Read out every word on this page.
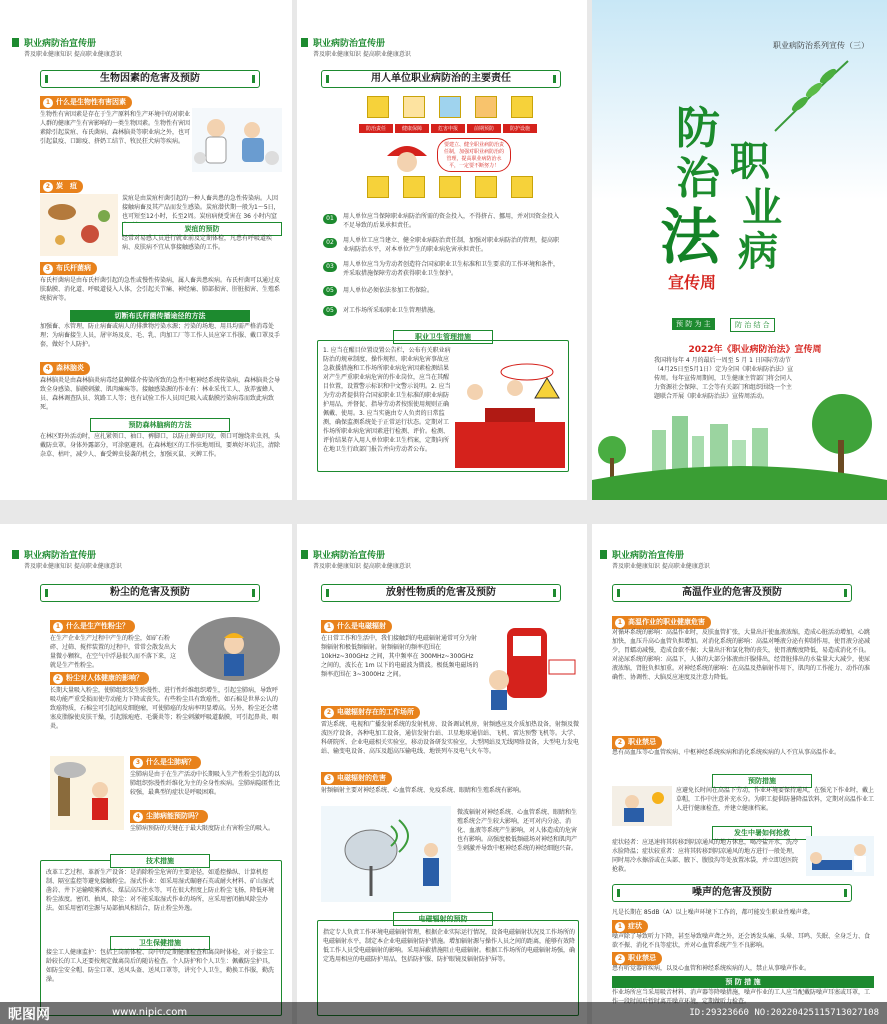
职业病防治宣传册
普及职业健康知识 提高职业健康意识
生物因素的危害及预防
1 什么是生物性有害因素
生物性有害因素是存在于生产原料和生产环境中的对职业人群的健康产生有害影响的一类生物因素。生物性有害因素除引起炭疽、布氏菌病、森林脑炎等职业病之外，也可引起鼠疫、口蹄疫、挤奶工结节、牧民狂犬病等疾病。
2 炭　疽
炭疽是由炭疽杆菌引起的一种人畜共患的急性传染病。人因接触病畜及其产品而发生感染。炭疽潜伏期一般为1～5日，也可短至12小时，长至2周。炭疽病便受害在 36 小时内窒
炭疽的预防
经常对易感人员进行就业前及定期体检，凡患有呼吸道疾病、皮肤病不宜从事接触感染的工作。
3 布氏杆菌病
布氏杆菌病是由布氏杆菌引起的急性或慢性传染病，属人畜共患疾病。布氏杆菌可以通过皮肤黏膜、消化道、呼吸道侵入人体，会引起关节痛、神经痛、肺部损害、肝脏损害、生殖系统损害等。
切断布氏杆菌传播途径的方法
加强畜、水管理，防止病畜或病人的排泄物污染水源；污染的场地、用具均需严格消毒处理；为病畜接生人员，屠宰场及皮、毛、乳、肉加工厂等工作人员应穿工作服、戴口罩及手套，做好个人防护。
4 森林脑炎
森林脑炎是由森林脑炎病毒经鼠蜱媒介传染所致的急性中枢神经系统传染病，森林脑炎会导致全身感染、脑膜刺激、肌肉瘫痪等。接触感染源的作业有：林业采伐工人、放养蜜蜂人员、森林调查队员、筑路工人等；也有试验工作人员因已吸入或黏膜污染病毒而致此病致死。
预防森林脑病的方法
在林区野外活动时，应扎紧领口、袖口、裤脚口，以防止蜱虫叮咬，领口可缠绕赤虫剂，头戴防虫罩。身体外露部分，可涂驱避剂。在森林地区的工作驻地周围，要填好坏坑洼，清除杂草、枯叶，减少人、畜受蜱虫侵袭的机会，加强灭鼠、灭蜱工作。
职业病防治宣传册
普及职业健康知识 提高职业健康意识
用人单位职业病防治的主要责任
防治责任	健康保障	危害申报	前期预防	防护设施
要建立、健全职业病防治责任制，加强对职业病防治的管理，提高职业病防治水平，一定要不断努力！
01	用人单位应当保障职业病防治所需的资金投入，不得挤占、挪用，并对因资金投入不足导致的后果承担责任。
02	用人单位工应当建立、健全职业病防治责任制，加强对职业病防治的管理，提高职业病防治水平，对本单位产生的职业病危害承担责任。
03	用人单位应当为劳动者创造符合国家职业卫生标准和卫生要求的工作环境和条件，并采取措施保障劳动者获得职业卫生保护。
05	用人单位必须依法参加工伤保险。
05	对工作场所采取职业卫生管理措施。
职业卫生管理措施
1. 应当在醒目位置设置公告栏，公布有关职业病防治的规章制度、操作规程、职业病危害事故应急救援措施和工作场所职业病危害因素检测结果对产生严重职业病危害的作业岗位，应当在其醒目位置，设置警示标识和中文警示说明。2. 应当为劳动者提供符合国家职业卫生标准的职业病防护用品，并督促、指导劳动者按照使用规则正确佩戴、使用。3. 应当实施由专人负责的日常监测，确保监测系统处于正常运行状态。定期对工作场所职业病危害因素进行检测、评价。检测、评价结果存入用人单位职业卫生档案，定期向所在地卫生行政部门报告并向劳动者公布。
职业病防治系列宣传（三）
防
治
法
职
业
病
宣传周
预 防 为 主	防 治 结 合
2022年《职业病防治法》宣传周
我国将每年 4 月的最后一周至 5 月 1 日国际劳动节（4月25日至5月1日）定为全国《职业病防治法》宣传周。每年宣传周期间，卫生健康主管部门将会同人力资源社会保障、工会等有关部门和组织围绕一个主题联合开展《职业病防治法》宣传周活动。
职业病防治宣传册
普及职业健康知识 提高职业健康意识
粉尘的危害及预防
1 什么是生产性粉尘？
在生产企业生产过程中产生的粉尘，如矿石粉碎、过筛、搅拌装置的过程中，常常会散发出大量微小颗粒，在空气中浮悬很久而不落下来，这就是生产性粉尘。
2 粉尘对人体健康的影响？
长期大量吸入粉尘，使肺组织发生弥漫性、进行性纤维组织增生，引起尘肺病，导致呼吸功能严重受损而使劳动能力下降或丧失。有些粉尘具有致癌性，如石棉是世界公认的致癌物质，石棉尘可引起间皮细胞瘤，可使肺癌的发病率明显增高。另外，粉尘还会堵塞皮脂腺使皮肤干燥，引起脓疱疮、毛囊炎等；粉尘刺激呼吸道黏膜，可引起鼻炎、咽炎。
3 什么是尘肺病？
尘肺病是由于在生产活动中长期吸入生产性粉尘引起的以肺组织弥漫性纤维化为主的全身性疾病。尘肺病隐匿性比较强，最典型的症状是呼吸困难。
4 尘肺病能预防吗？
尘肺病预防的关键在于最大限度防止有害粉尘的吸入。
技术措施
改革工艺过程、革新生产设备：是消除粉尘危害的主要途径，如遥控操纵、计算机控制、隔室监控等避免接触粉尘。湿式作业：如采用湿式碾磨石英或耐火材料、矿山湿式凿岩、井下运输喷雾洒水、煤层高压注水等，可在很大程度上防止粉尘飞扬，降低环境粉尘浓度。密闭、抽风、除尘：对不能采取湿式作业的场所，应采用密闭抽风除尘办法。如采用密闭尘源与局部抽风相结合，防止粉尘外逸。
卫生保健措施
接尘工人健康监护：包括上岗前体检、岗中的定期健康检查和离岗时体检，对于接尘工龄较长的工人还要按规定做离岗后的随访检查。个人防护和个人卫生：佩戴防尘护具，如防尘安全帽、防尘口罩、送风头盔、送风口罩等，讲究个人卫生，勤换工作服，勤洗澡。
职业病防治宣传册
普及职业健康知识 提高职业健康意识
放射性物质的危害及预防
1 什么是电磁辐射
在日常工作和生活中，我们接触到的电磁辐射通常可分为射频辐射和极低频辐射。射频辐射的频率范围在 10kHz~300GHz 之间，其中频率在 300MHz~300GHz 之间的，波长在 1m 以下的电磁波为微波。极低频电磁场的频率范围在 3~3000Hz 之间。
2 电磁辐射存在的工作场所
雷达系统、电视和广播发射系统的发射机房、设备调试机房，射频感应及介质加热设备，射频及微波医疗设备，各种电加工设备，通信发射台站、卫星地球通信站、飞机、雷达预警飞机等。大学、科研院所、企业电磁相关实验室，移动设备研发实验室，大型网站及无线网络设备，大型电力发电站、输变电设备、高压及超高压输电线、地铁列车及电气火车等。
3 电磁辐射的危害
射频辐射主要对神经系统、心血管系统、免疫系统、眼睛和生殖系统有影响。
微波辐射对神经系统、心血管系统、眼睛和生殖系统会产生较大影响，还可对内分泌、消化、血液等系统产生影响，对人体造成的危害也有影响。高强度极低频磁场对神经和肌肉产生刺激并导致中枢神经系统的神经细胞兴奋。
电磁辐射的预防
指定专人负责工作环境电磁辐射管理，根据企业实际运行情况，设备电磁辐射状况及工作场所的电磁辐射水平，制定本企业电磁辐射防护措施。增加辐射源与操作人员之间的距离，能够有效降低工作人员受电磁辐射的影响。采用屏蔽措施阻止电磁辐射。根据工作场所的电磁辐射场强，确定选用相应的电磁防护用品，包括防护服、防护眼镜及辐射防护屏等。
职业病防治宣传册
普及职业健康知识 提高职业健康意识
高温作业的危害及预防
1 高温作业的职业健康危害
对循环系统的影响：高温作业时，皮肤血管扩张，大量出汗使血液浓缩，造成心脏活动增加，心跳加快，血压升高心血管负担增加。对消化系统的影响：高温对唾液分泌有抑制作用，使胃液分泌减少，胃蠕动减慢，造成食欲不振；大量出汗和氯化物的丧失，使胃液酸度降低，易造成消化不良。对泌尿系统的影响：高温下，人体的大部分体液由汗腺排出，经肾脏排出的水盐量大大减少，使尿液浓缩，肾脏负担加重。对神经系统的影响：在高温及热辐射作用下，肌肉的工作能力、动作的准确性、协调性、大脑反应速度及注意力降低。
2 职业禁忌
患有高血压等心血管疾病、中枢神经系统疾病和消化系统疾病的人不宜从事高温作业。
预防措施
应避免长时间在高温下劳动，作业环境要保持通风，在强光下作业时，戴上草帽，工作中注意补充水分。为职工提供防暑降温饮料，定期对高温作业工人进行健康检查，并建立健康档案。
发生中暑如何抢救
症状轻者：应迅速将其转移到阴凉通风的地方休息，喝冷盐开水，洗冷水脸降温；症状较重者：应将其转移到阴凉通风的地方进行一般处理，同时用冷水擦浴或在头部、腋下、腹股沟等处放置冰袋，并立即送医院抢救。
噪声的危害及预防
凡是长期在 85dB（A）以上噪声环境下工作的，都可能发生职业性噪声聋。
1 症状
噪声除了导致听力下降，甚至导致噪声聋之外，还会诱发头痛、头晕、耳鸣、失眠、全身乏力、食欲不振、消化不良等症状，并对心血管系统产生不良影响。
2 职业禁忌
患有听觉器官疾病，以及心血管和神经系统疾病的人，禁止从事噪声作业。
预 防 措 施
作业场所应当采用吸音材料、消声器等降噪措施，噪声作业的工人应当配戴防噪声耳塞或耳罩，工
昵图网	www.nipic.com	ID:29323660 NO:20220425115713027108
